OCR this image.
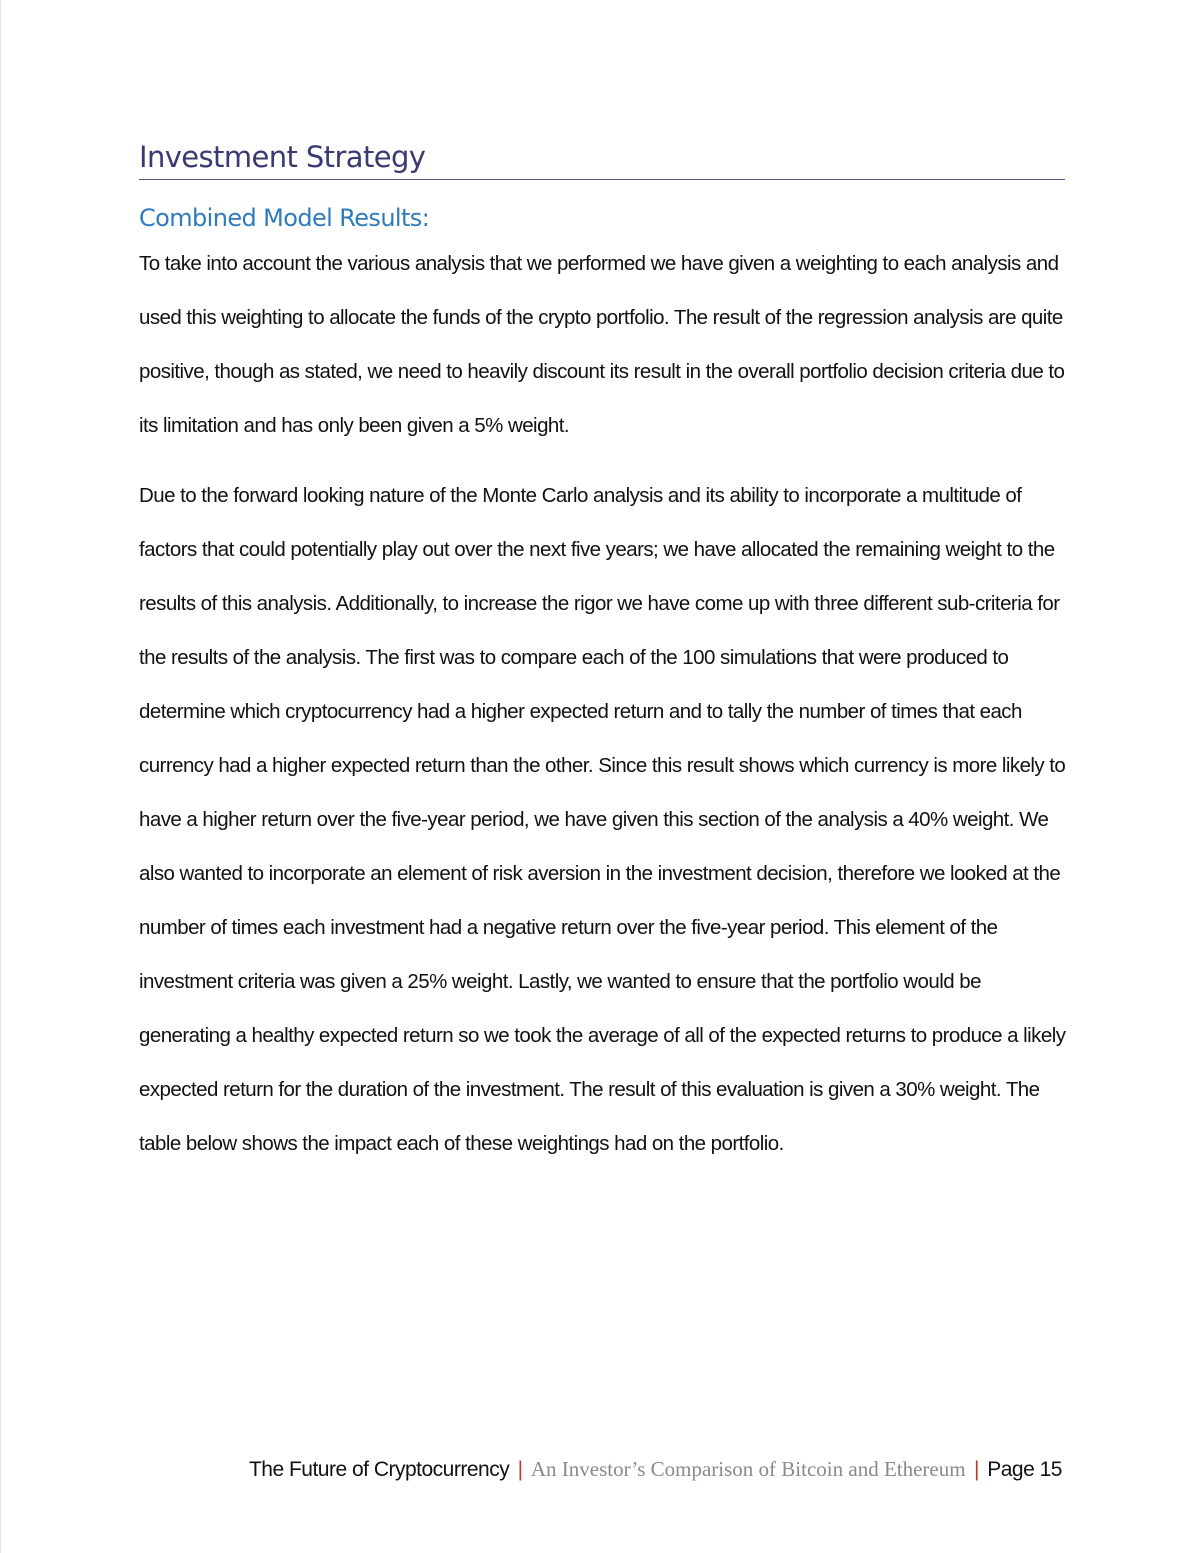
Investment Strategy
Combined Model Results:

To take into account the various analysis that we performed we have given a weighting to each analysis and used this weighting to allocate the funds of the crypto portfolio. The result of the regression analysis are quite positive, though as stated, we need to heavily discount its result in the overall portfolio decision criteria due to its limitation and has only been given a 5% weight.

Due to the forward looking nature of the Monte Carlo analysis and its ability to incorporate a multitude of factors that could potentially play out over the next five years; we have allocated the remaining weight to the results of this analysis. Additionally, to increase the rigor we have come up with three different sub-criteria for the results of the analysis. The first was to compare each of the 100 simulations that were produced to determine which cryptocurrency had a higher expected return and to tally the number of times that each currency had a higher expected return than the other. Since this result shows which currency is more likely to have a higher return over the five-year period, we have given this section of the analysis a 40% weight. We also wanted to incorporate an element of risk aversion in the investment decision, therefore we looked at the number of times each investment had a negative return over the five-year period. This element of the investment criteria was given a 25% weight. Lastly, we wanted to ensure that the portfolio would be generating a healthy expected return so we took the average of all of the expected returns to produce a likely expected return for the duration of the investment. The result of this evaluation is given a 30% weight. The table below shows the impact each of these weightings had on the portfolio.

The Future of Cryptocurrency | An Investor’s Comparison of Bitcoin and Ethereum | Page 15
